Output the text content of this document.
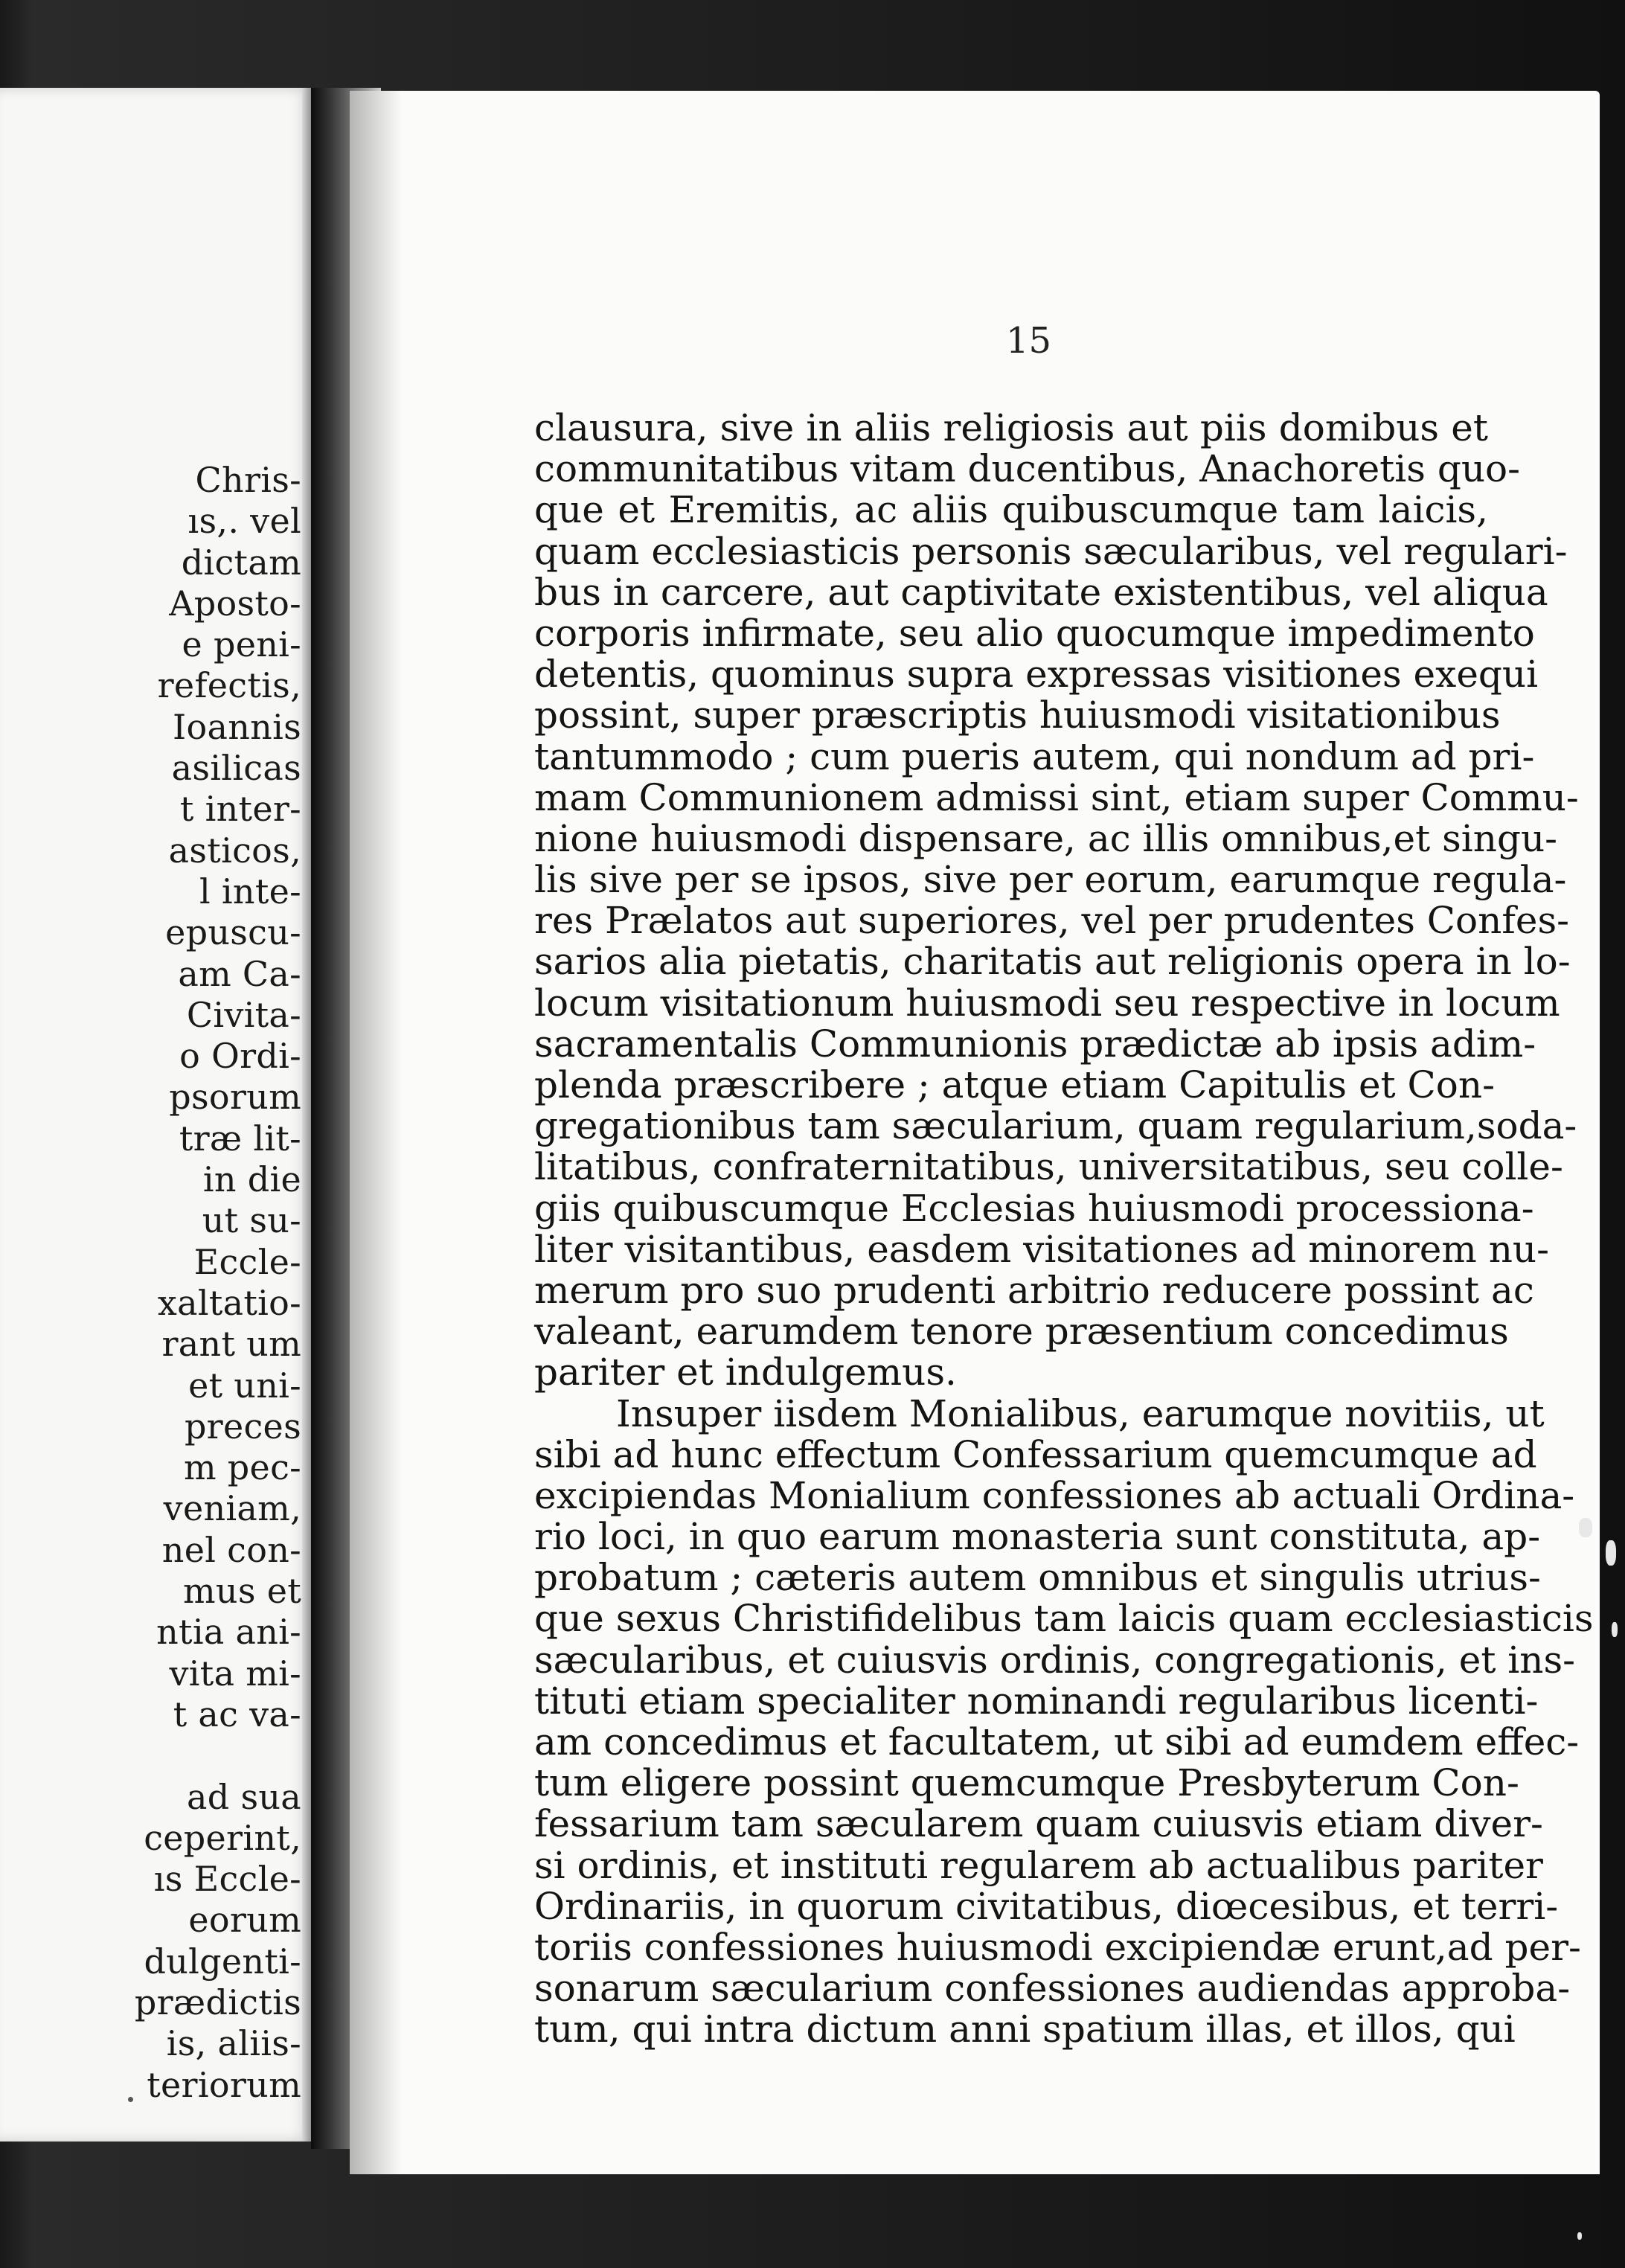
Chris-
ıs,. vel
dictam
Aposto-
e peni-
refectis,
Ioannis
asilicas
t inter-
asticos,
l inte-
epuscu-
am Ca-
Civita-
o Ordi-
psorum
træ lit-
in die
ut su-
Eccle-
xaltatio-
rant um
et uni-
preces
m pec-
veniam,
nel con-
mus et
ntia ani-
vita mi-
t ac va-
ad sua
ceperint,
ıs Eccle-
eorum
dulgenti-
prædictis
is, aliis-
teriorum
15
clausura, sive in aliis religiosis aut piis domibus et
communitatibus vitam ducentibus, Anachoretis quo-
que et Eremitis, ac aliis quibuscumque tam laicis,
quam ecclesiasticis personis sæcularibus, vel regulari-
bus in carcere, aut captivitate existentibus, vel aliqua
corporis infirmate, seu alio quocumque impedimento
detentis, quominus supra expressas visitiones exequi
possint, super præscriptis huiusmodi visitationibus
tantummodo ; cum pueris autem, qui nondum ad pri-
mam Communionem admissi sint, etiam super Commu-
nione huiusmodi dispensare, ac illis omnibus,et singu-
lis sive per se ipsos, sive per eorum, earumque regula-
res Prælatos aut superiores, vel per prudentes Confes-
sarios alia pietatis, charitatis aut religionis opera in lo-
locum visitationum huiusmodi seu respective in locum
sacramentalis Communionis prædictæ ab ipsis adim-
plenda præscribere ; atque etiam Capitulis et Con-
gregationibus tam sæcularium, quam regularium,soda-
litatibus, confraternitatibus, universitatibus, seu colle-
giis quibuscumque Ecclesias huiusmodi processiona-
liter visitantibus, easdem visitationes ad minorem nu-
merum pro suo prudenti arbitrio reducere possint ac
valeant, earumdem tenore præsentium concedimus
pariter et indulgemus.
Insuper iisdem Monialibus, earumque novitiis, ut
sibi ad hunc effectum Confessarium quemcumque ad
excipiendas Monialium confessiones ab actuali Ordina-
rio loci, in quo earum monasteria sunt constituta, ap-
probatum ; cæteris autem omnibus et singulis utrius-
que sexus Christifidelibus tam laicis quam ecclesiasticis
sæcularibus, et cuiusvis ordinis, congregationis, et ins-
tituti etiam specialiter nominandi regularibus licenti-
am concedimus et facultatem, ut sibi ad eumdem effec-
tum eligere possint quemcumque Presbyterum Con-
fessarium tam sæcularem quam cuiusvis etiam diver-
si ordinis, et instituti regularem ab actualibus pariter
Ordinariis, in quorum civitatibus, diœcesibus, et terri-
toriis confessiones huiusmodi excipiendæ erunt,ad per-
sonarum sæcularium confessiones audiendas approba-
tum, qui intra dictum anni spatium illas, et illos, qui
